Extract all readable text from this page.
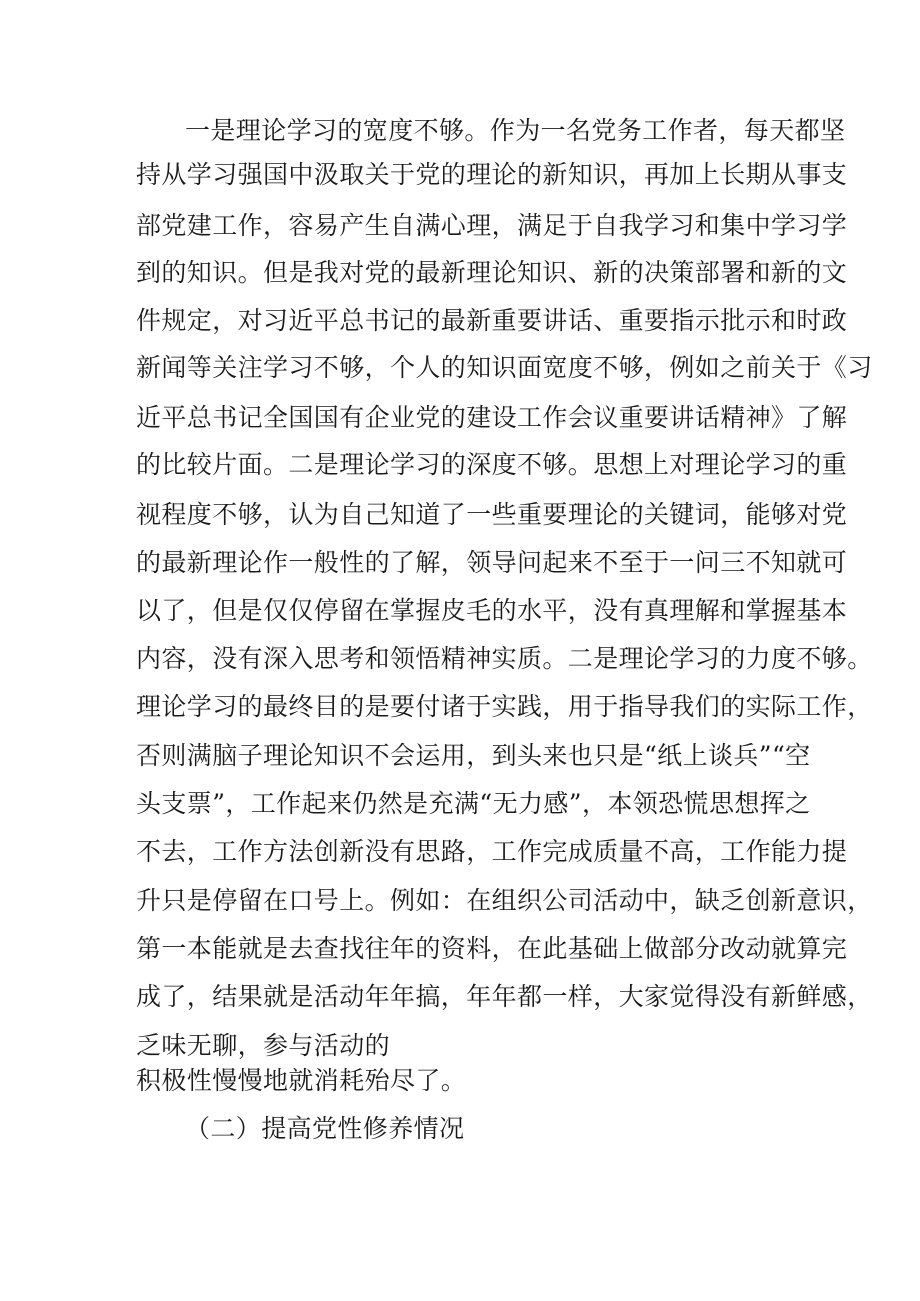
一是理论学习的宽度不够。作为一名党务工作者，每天都坚
持从学习强国中汲取关于党的理论的新知识，再加上长期从事支
部党建工作，容易产生自满心理，满足于自我学习和集中学习学
到的知识。但是我对党的最新理论知识、新的决策部署和新的文
件规定，对习近平总书记的最新重要讲话、重要指示批示和时政
新闻等关注学习不够，个人的知识面宽度不够，例如之前关于《习
近平总书记全国国有企业党的建设工作会议重要讲话精神》了解
的比较片面。二是理论学习的深度不够。思想上对理论学习的重
视程度不够，认为自己知道了一些重要理论的关键词，能够对党
的最新理论作一般性的了解，领导问起来不至于一问三不知就可
以了，但是仅仅停留在掌握皮毛的水平，没有真理解和掌握基本
内容，没有深入思考和领悟精神实质。二是理论学习的力度不够。
理论学习的最终目的是要付诸于实践，用于指导我们的实际工作，
否则满脑子理论知识不会运用，到头来也只是“纸上谈兵”“空
头支票”，工作起来仍然是充满“无力感”，本领恐慌思想挥之
不去，工作方法创新没有思路，工作完成质量不高，工作能力提
升只是停留在口号上。例如：在组织公司活动中，缺乏创新意识，
第一本能就是去查找往年的资料，在此基础上做部分改动就算完
成了，结果就是活动年年搞，年年都一样，大家觉得没有新鲜感，
乏味无聊，参与活动的
积极性慢慢地就消耗殆尽了。
（二）提高党性修养情况
